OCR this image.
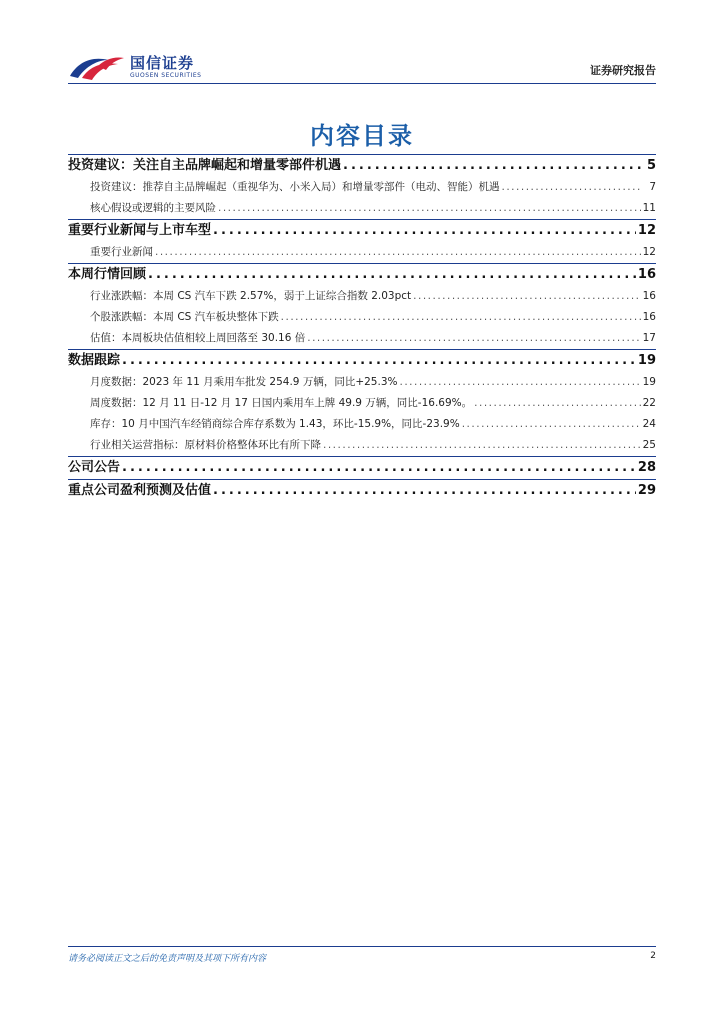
国信证券
GUOSEN SECURITIES	证券研究报告
内容目录
投资建议：关注自主品牌崛起和增量零部件机遇 .....	5
投资建议：推荐自主品牌崛起（重视华为、小米入局）和增量零部件（电动、智能）机遇 .....	7
核心假设或逻辑的主要风险 .....	11
重要行业新闻与上市车型 .....	12
重要行业新闻 .....	12
本周行情回顾 .....	16
行业涨跌幅：本周 CS 汽车下跌 2.57%，弱于上证综合指数 2.03pct .....	16
个股涨跌幅：本周 CS 汽车板块整体下跌 .....	16
估值：本周板块估值相较上周回落至 30.16 倍 .....	17
数据跟踪 .....	19
月度数据：2023 年 11 月乘用车批发 254.9 万辆，同比+25.3% .....	19
周度数据：12 月 11 日-12 月 17 日国内乘用车上牌 49.9 万辆，同比-16.69%。 .....	22
库存：10 月中国汽车经销商综合库存系数为 1.43，环比-15.9%，同比-23.9% .....	24
行业相关运营指标：原材料价格整体环比有所下降 .....	25
公司公告 .....	28
重点公司盈利预测及估值 .....	29
请务必阅读正文之后的免责声明及其项下所有内容	2
